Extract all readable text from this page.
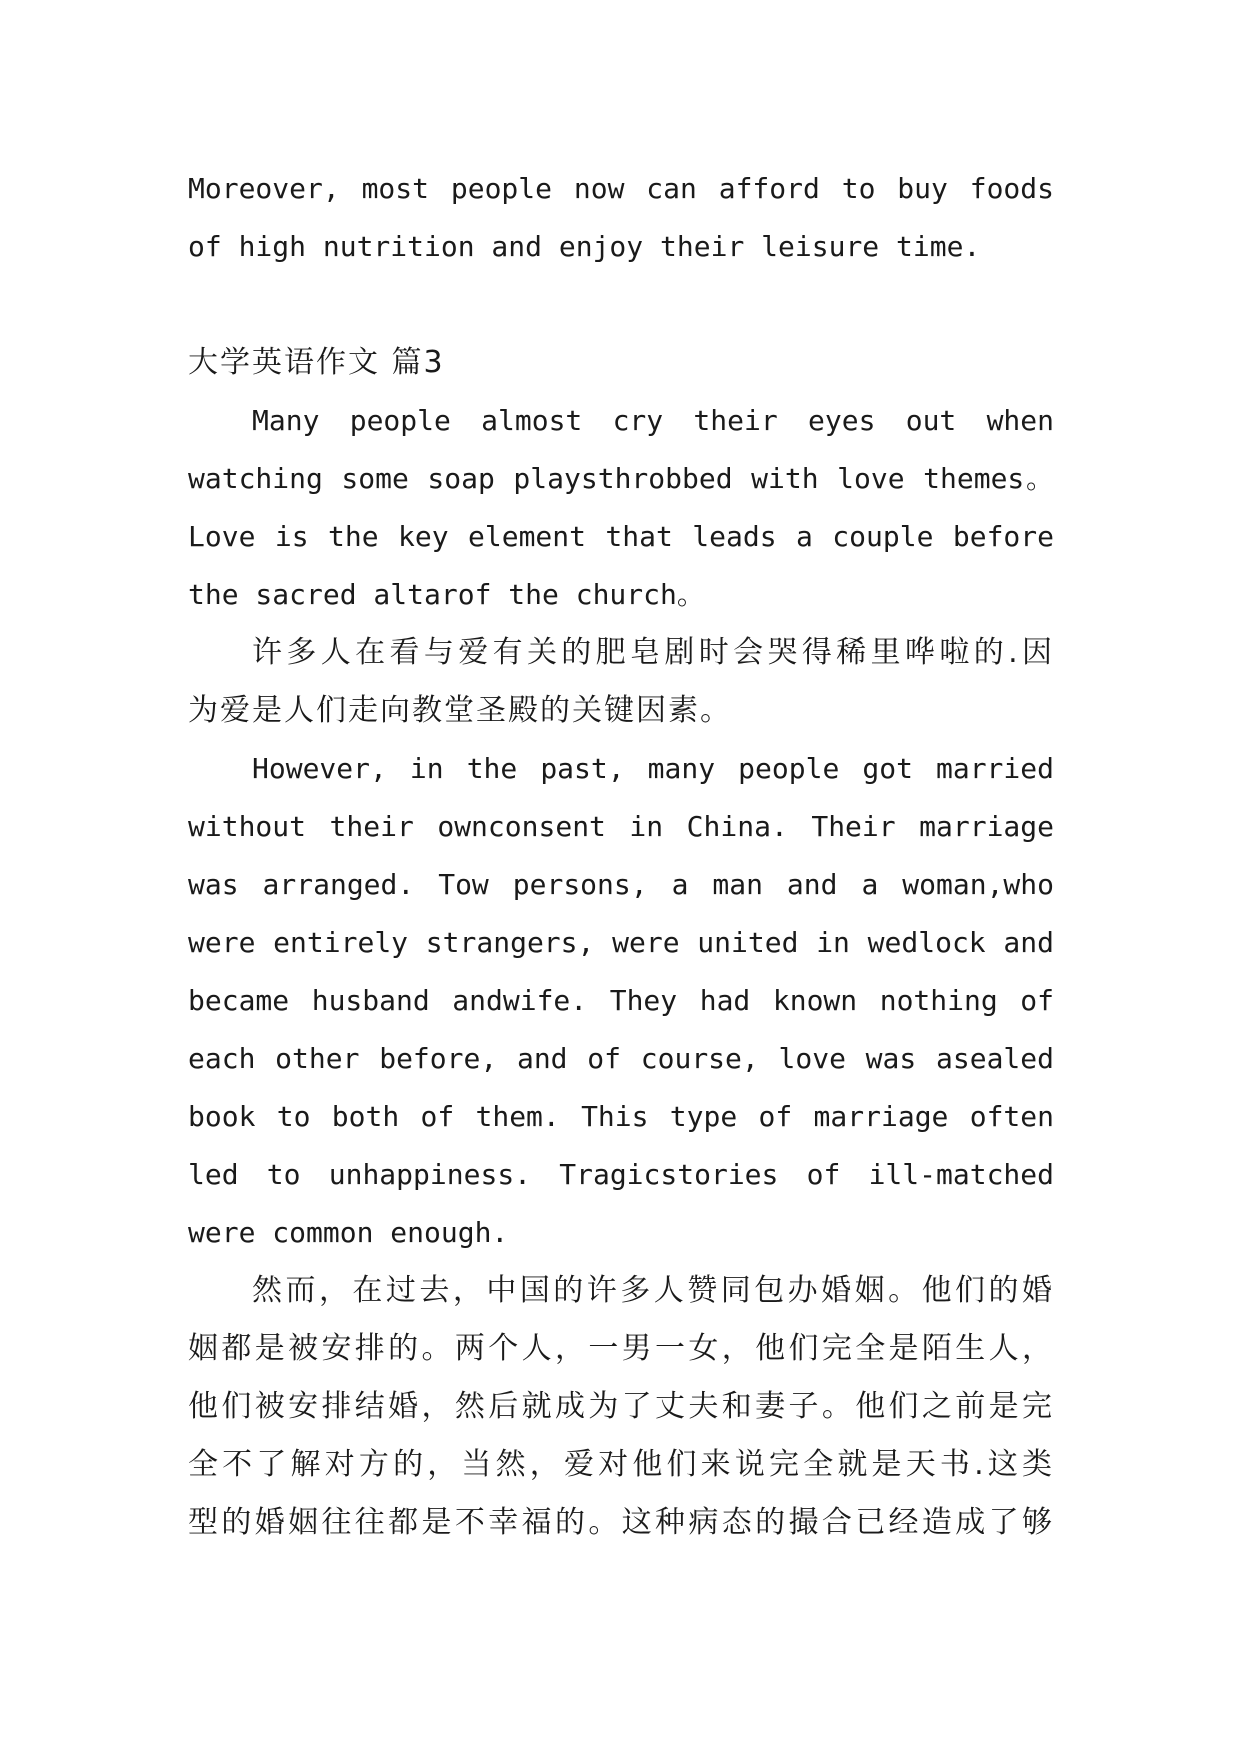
Moreover, most people now can afford to buy foods
of high nutrition and enjoy their leisure time.
大学英语作文 篇3
Many people almost cry their eyes out when
watching some soap playsthrobbed with love themes。
Love is the key element that leads a couple before
the sacred altarof the church。
许多人在看与爱有关的肥皂剧时会哭得稀里哗啦的.因
为爱是人们走向教堂圣殿的关键因素。
However, in the past, many people got married
without their ownconsent in China. Their marriage
was arranged. Tow persons, a man and a woman,who
were entirely strangers, were united in wedlock and
became husband andwife. They had known nothing of
each other before, and of course, love was asealed
book to both of them. This type of marriage often
led to unhappiness. Tragicstories of ill-matched
were common enough.
然而，在过去，中国的许多人赞同包办婚姻。他们的婚
姻都是被安排的。两个人，一男一女，他们完全是陌生人，
他们被安排结婚，然后就成为了丈夫和妻子。他们之前是完
全不了解对方的，当然，爱对他们来说完全就是天书.这类
型的婚姻往往都是不幸福的。这种病态的撮合已经造成了够
